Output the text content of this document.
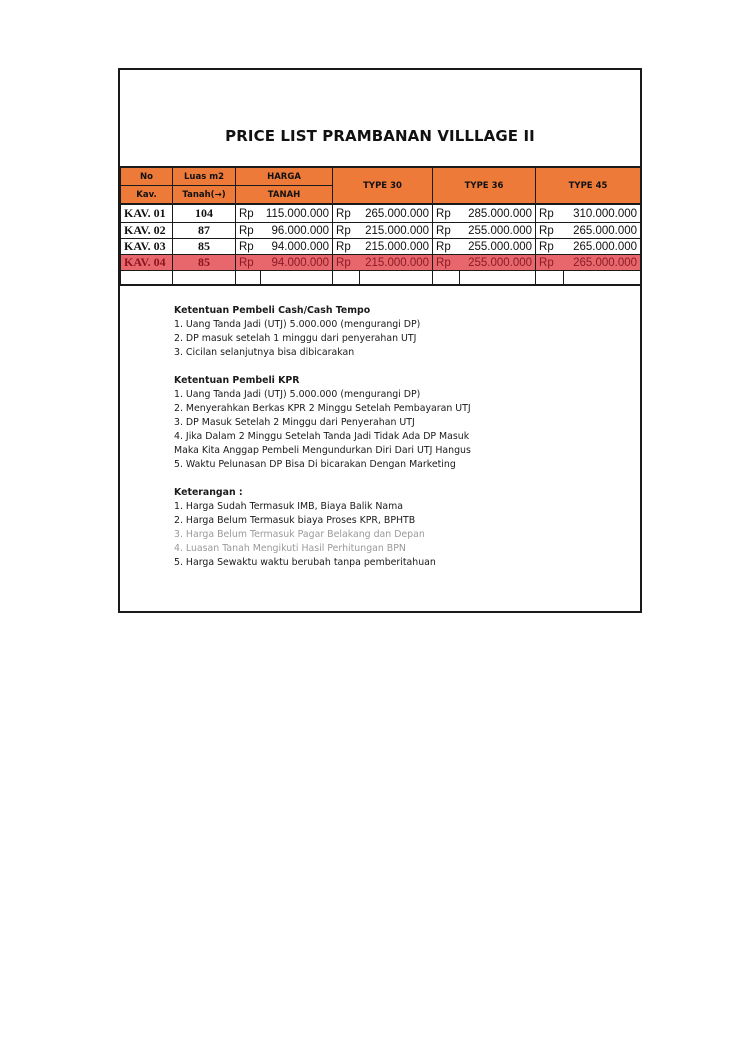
PRICE LIST PRAMBANAN VILLLAGE II
No	Luas m2	HARGA		TYPE 30		TYPE 36		TYPE 45	
Kav.	Tanah(→)	TANAH							
KAV. 01	104	Rp	115.000.000	Rp	265.000.000	Rp	285.000.000	Rp	310.000.000
KAV. 02	87	Rp	96.000.000	Rp	215.000.000	Rp	255.000.000	Rp	265.000.000
KAV. 03	85	Rp	94.000.000	Rp	215.000.000	Rp	255.000.000	Rp	265.000.000
KAV. 04	85	Rp	94.000.000	Rp	215.000.000	Rp	255.000.000	Rp	265.000.000

Ketentuan Pembeli Cash/Cash Tempo
1. Uang Tanda Jadi (UTJ) 5.000.000 (mengurangi DP)
2. DP masuk setelah 1 minggu dari penyerahan UTJ
3. Cicilan selanjutnya bisa dibicarakan
Ketentuan Pembeli KPR
1. Uang Tanda Jadi (UTJ) 5.000.000 (mengurangi DP)
2. Menyerahkan Berkas KPR 2 Minggu Setelah Pembayaran UTJ
3. DP Masuk Setelah 2 Minggu dari Penyerahan UTJ
4. Jika Dalam 2 Minggu Setelah Tanda Jadi Tidak Ada DP Masuk
Maka Kita Anggap Pembeli Mengundurkan Diri Dari UTJ Hangus
5. Waktu Pelunasan DP Bisa Di bicarakan Dengan Marketing
Keterangan :
1. Harga Sudah Termasuk IMB, Biaya Balik Nama
2. Harga Belum Termasuk biaya Proses KPR, BPHTB
3. Harga Belum Termasuk Pagar Belakang dan Depan
4. Luasan Tanah Mengikuti Hasil Perhitungan BPN
5. Harga Sewaktu waktu berubah tanpa pemberitahuan
